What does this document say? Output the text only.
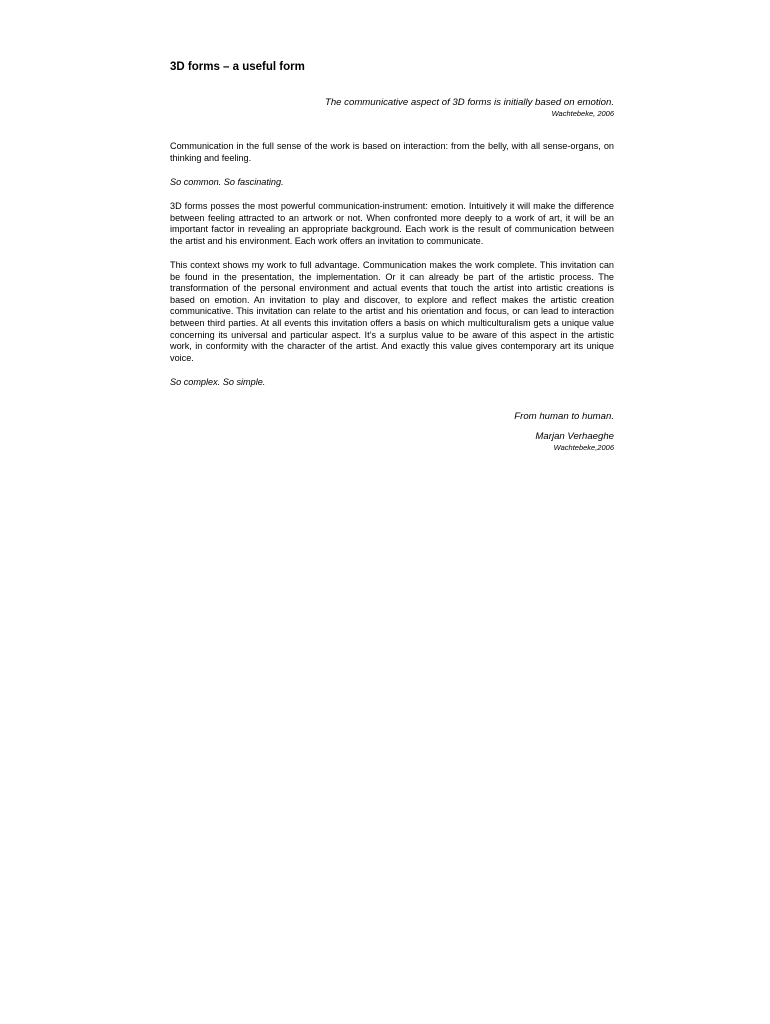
3D forms – a useful form
The communicative aspect of 3D forms is initially based on emotion.
Wachtebeke, 2006

Communication in the full sense of the work is based on interaction: from the belly, with all sense-organs, on thinking and feeling.

So common. So fascinating.

3D forms posses the most powerful communication-instrument: emotion. Intuitively it will make the difference between feeling attracted to an artwork or not. When confronted more deeply to a work of art, it will be an important factor in revealing an appropriate background. Each work is the result of communication between the artist and his environment. Each work offers an invitation to communicate.

This context shows my work to full advantage. Communication makes the work complete. This invitation can be found in the presentation, the implementation. Or it can already be part of the artistic process. The transformation of the personal environment and actual events that touch the artist into artistic creations is based on emotion. An invitation to play and discover, to explore and reflect makes the artistic creation communicative. This invitation can relate to the artist and his orientation and focus, or can lead to interaction between third parties. At all events this invitation offers a basis on which multiculturalism gets a unique value concerning its universal and particular aspect. It’s a surplus value to be aware of this aspect in the artistic work, in conformity with the character of the artist. And exactly this value gives contemporary art its unique voice.

So complex. So simple.

From human to human.
Marjan Verhaeghe
Wachtebeke,2006
